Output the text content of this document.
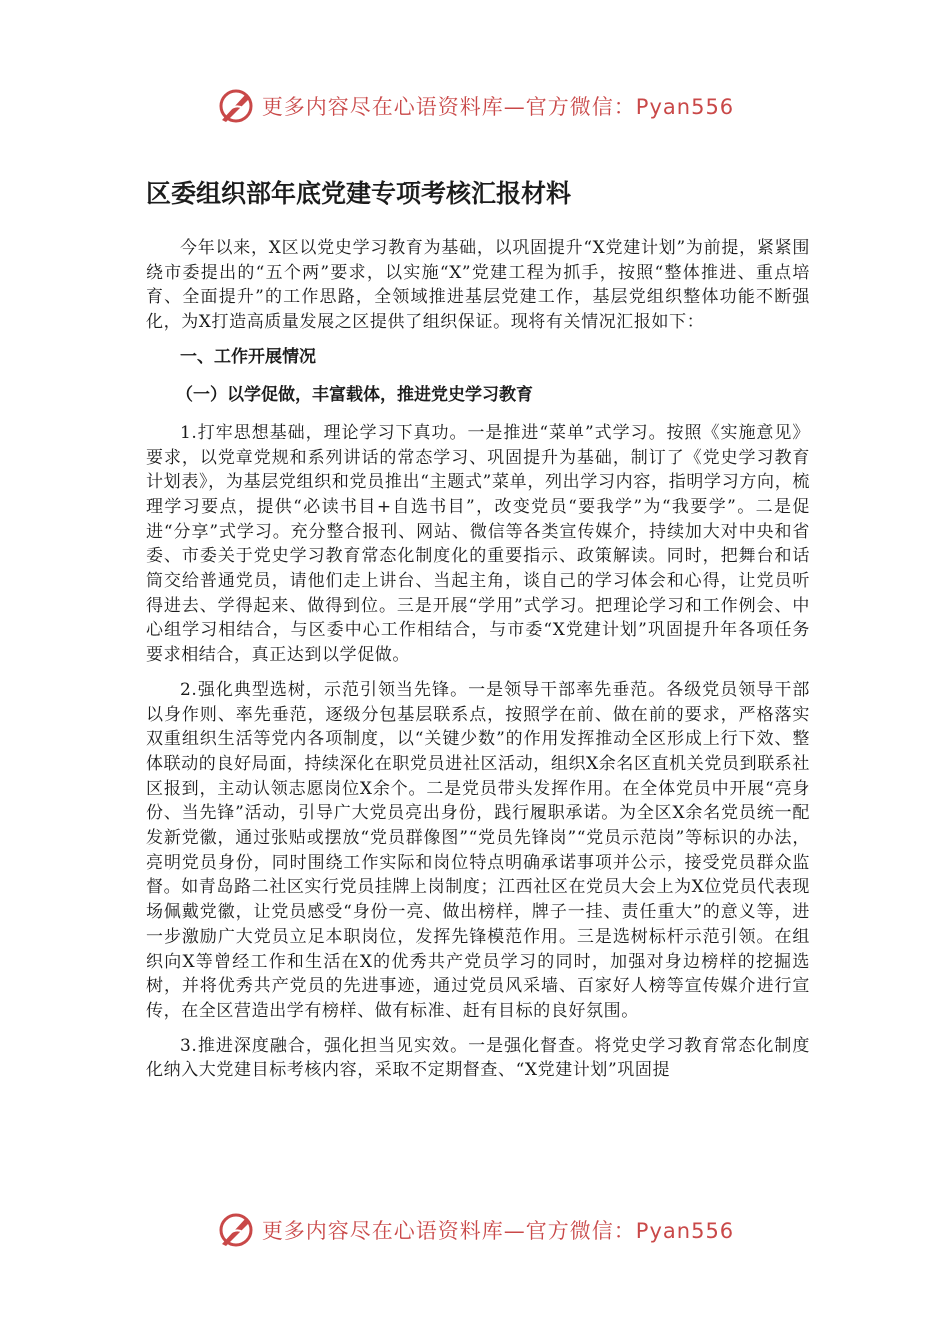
更多内容尽在心语资料库—官方微信：Pyan556
区委组织部年底党建专项考核汇报材料

今年以来，X区以党史学习教育为基础，以巩固提升“X党建计划”为前提，紧紧围绕市委提出的“五个两”要求，以实施“X”党建工程为抓手，按照“整体推进、重点培育、全面提升”的工作思路，全领域推进基层党建工作，基层党组织整体功能不断强化，为X打造高质量发展之区提供了组织保证。现将有关情况汇报如下：

一、工作开展情况
（一）以学促做，丰富载体，推进党史学习教育

1.打牢思想基础，理论学习下真功。一是推进“菜单”式学习。按照《实施意见》要求，以党章党规和系列讲话的常态学习、巩固提升为基础，制订了《党史学习教育计划表》，为基层党组织和党员推出“主题式”菜单，列出学习内容，指明学习方向，梳理学习要点，提供“必读书目+自选书目”，改变党员“要我学”为“我要学”。二是促进“分享”式学习。充分整合报刊、网站、微信等各类宣传媒介，持续加大对中央和省委、市委关于党史学习教育常态化制度化的重要指示、政策解读。同时，把舞台和话筒交给普通党员，请他们走上讲台、当起主角，谈自己的学习体会和心得，让党员听得进去、学得起来、做得到位。三是开展“学用”式学习。把理论学习和工作例会、中心组学习相结合，与区委中心工作相结合，与市委“X党建计划”巩固提升年各项任务要求相结合，真正达到以学促做。

2.强化典型选树，示范引领当先锋。一是领导干部率先垂范。各级党员领导干部以身作则、率先垂范，逐级分包基层联系点，按照学在前、做在前的要求，严格落实双重组织生活等党内各项制度，以“关键少数”的作用发挥推动全区形成上行下效、整体联动的良好局面，持续深化在职党员进社区活动，组织X余名区直机关党员到联系社区报到，主动认领志愿岗位X余个。二是党员带头发挥作用。在全体党员中开展“亮身份、当先锋”活动，引导广大党员亮出身份，践行履职承诺。为全区X余名党员统一配发新党徽，通过张贴或摆放“党员群像图”“党员先锋岗”“党员示范岗”等标识的办法，亮明党员身份，同时围绕工作实际和岗位特点明确承诺事项并公示，接受党员群众监督。如青岛路二社区实行党员挂牌上岗制度；江西社区在党员大会上为X位党员代表现场佩戴党徽，让党员感受“身份一亮、做出榜样，牌子一挂、责任重大”的意义等，进一步激励广大党员立足本职岗位，发挥先锋模范作用。三是选树标杆示范引领。在组织向X等曾经工作和生活在X的优秀共产党员学习的同时，加强对身边榜样的挖掘选树，并将优秀共产党员的先进事迹，通过党员风采墙、百家好人榜等宣传媒介进行宣传，在全区营造出学有榜样、做有标准、赶有目标的良好氛围。

3.推进深度融合，强化担当见实效。一是强化督查。将党史学习教育常态化制度化纳入大党建目标考核内容，采取不定期督查、“X党建计划”巩固提

更多内容尽在心语资料库—官方微信：Pyan556
